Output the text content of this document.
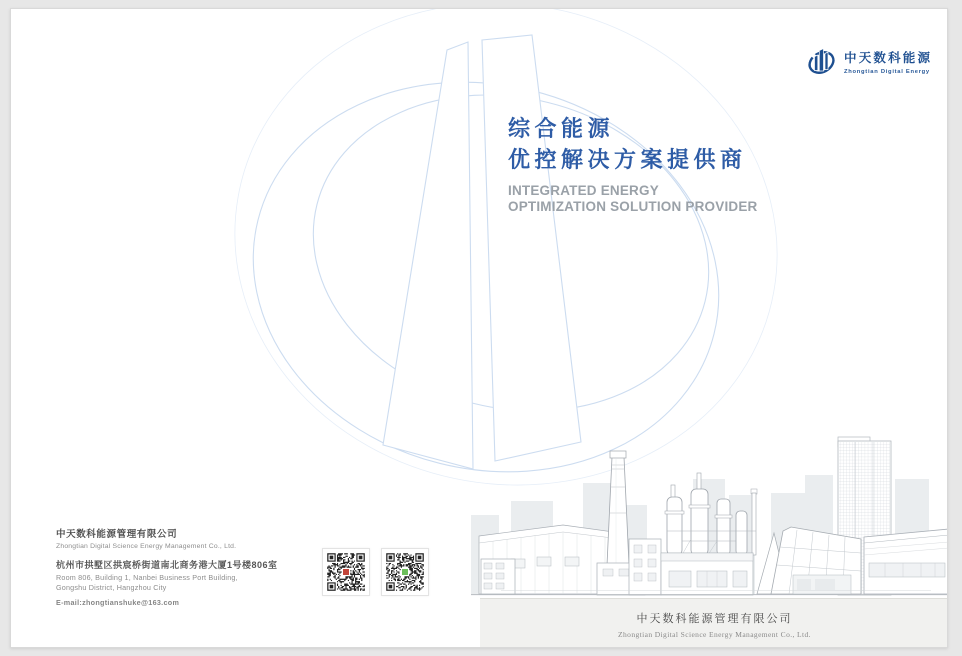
中天数科能源
Zhongtian Digital Energy
综合能源
优控解决方案提供商
INTEGRATED ENERGY
OPTIMIZATION SOLUTION PROVIDER
中天数科能源管理有限公司
Zhongtian Digital Science Energy Management Co., Ltd.
杭州市拱墅区拱宸桥街道南北商务港大厦1号楼806室
Room 806, Building 1, Nanbei Business Port Building,
Gongshu District, Hangzhou City
E-mail:zhongtianshuke@163.com
中天数科能源管理有限公司
Zhongtian Digital Science Energy Management Co., Ltd.
